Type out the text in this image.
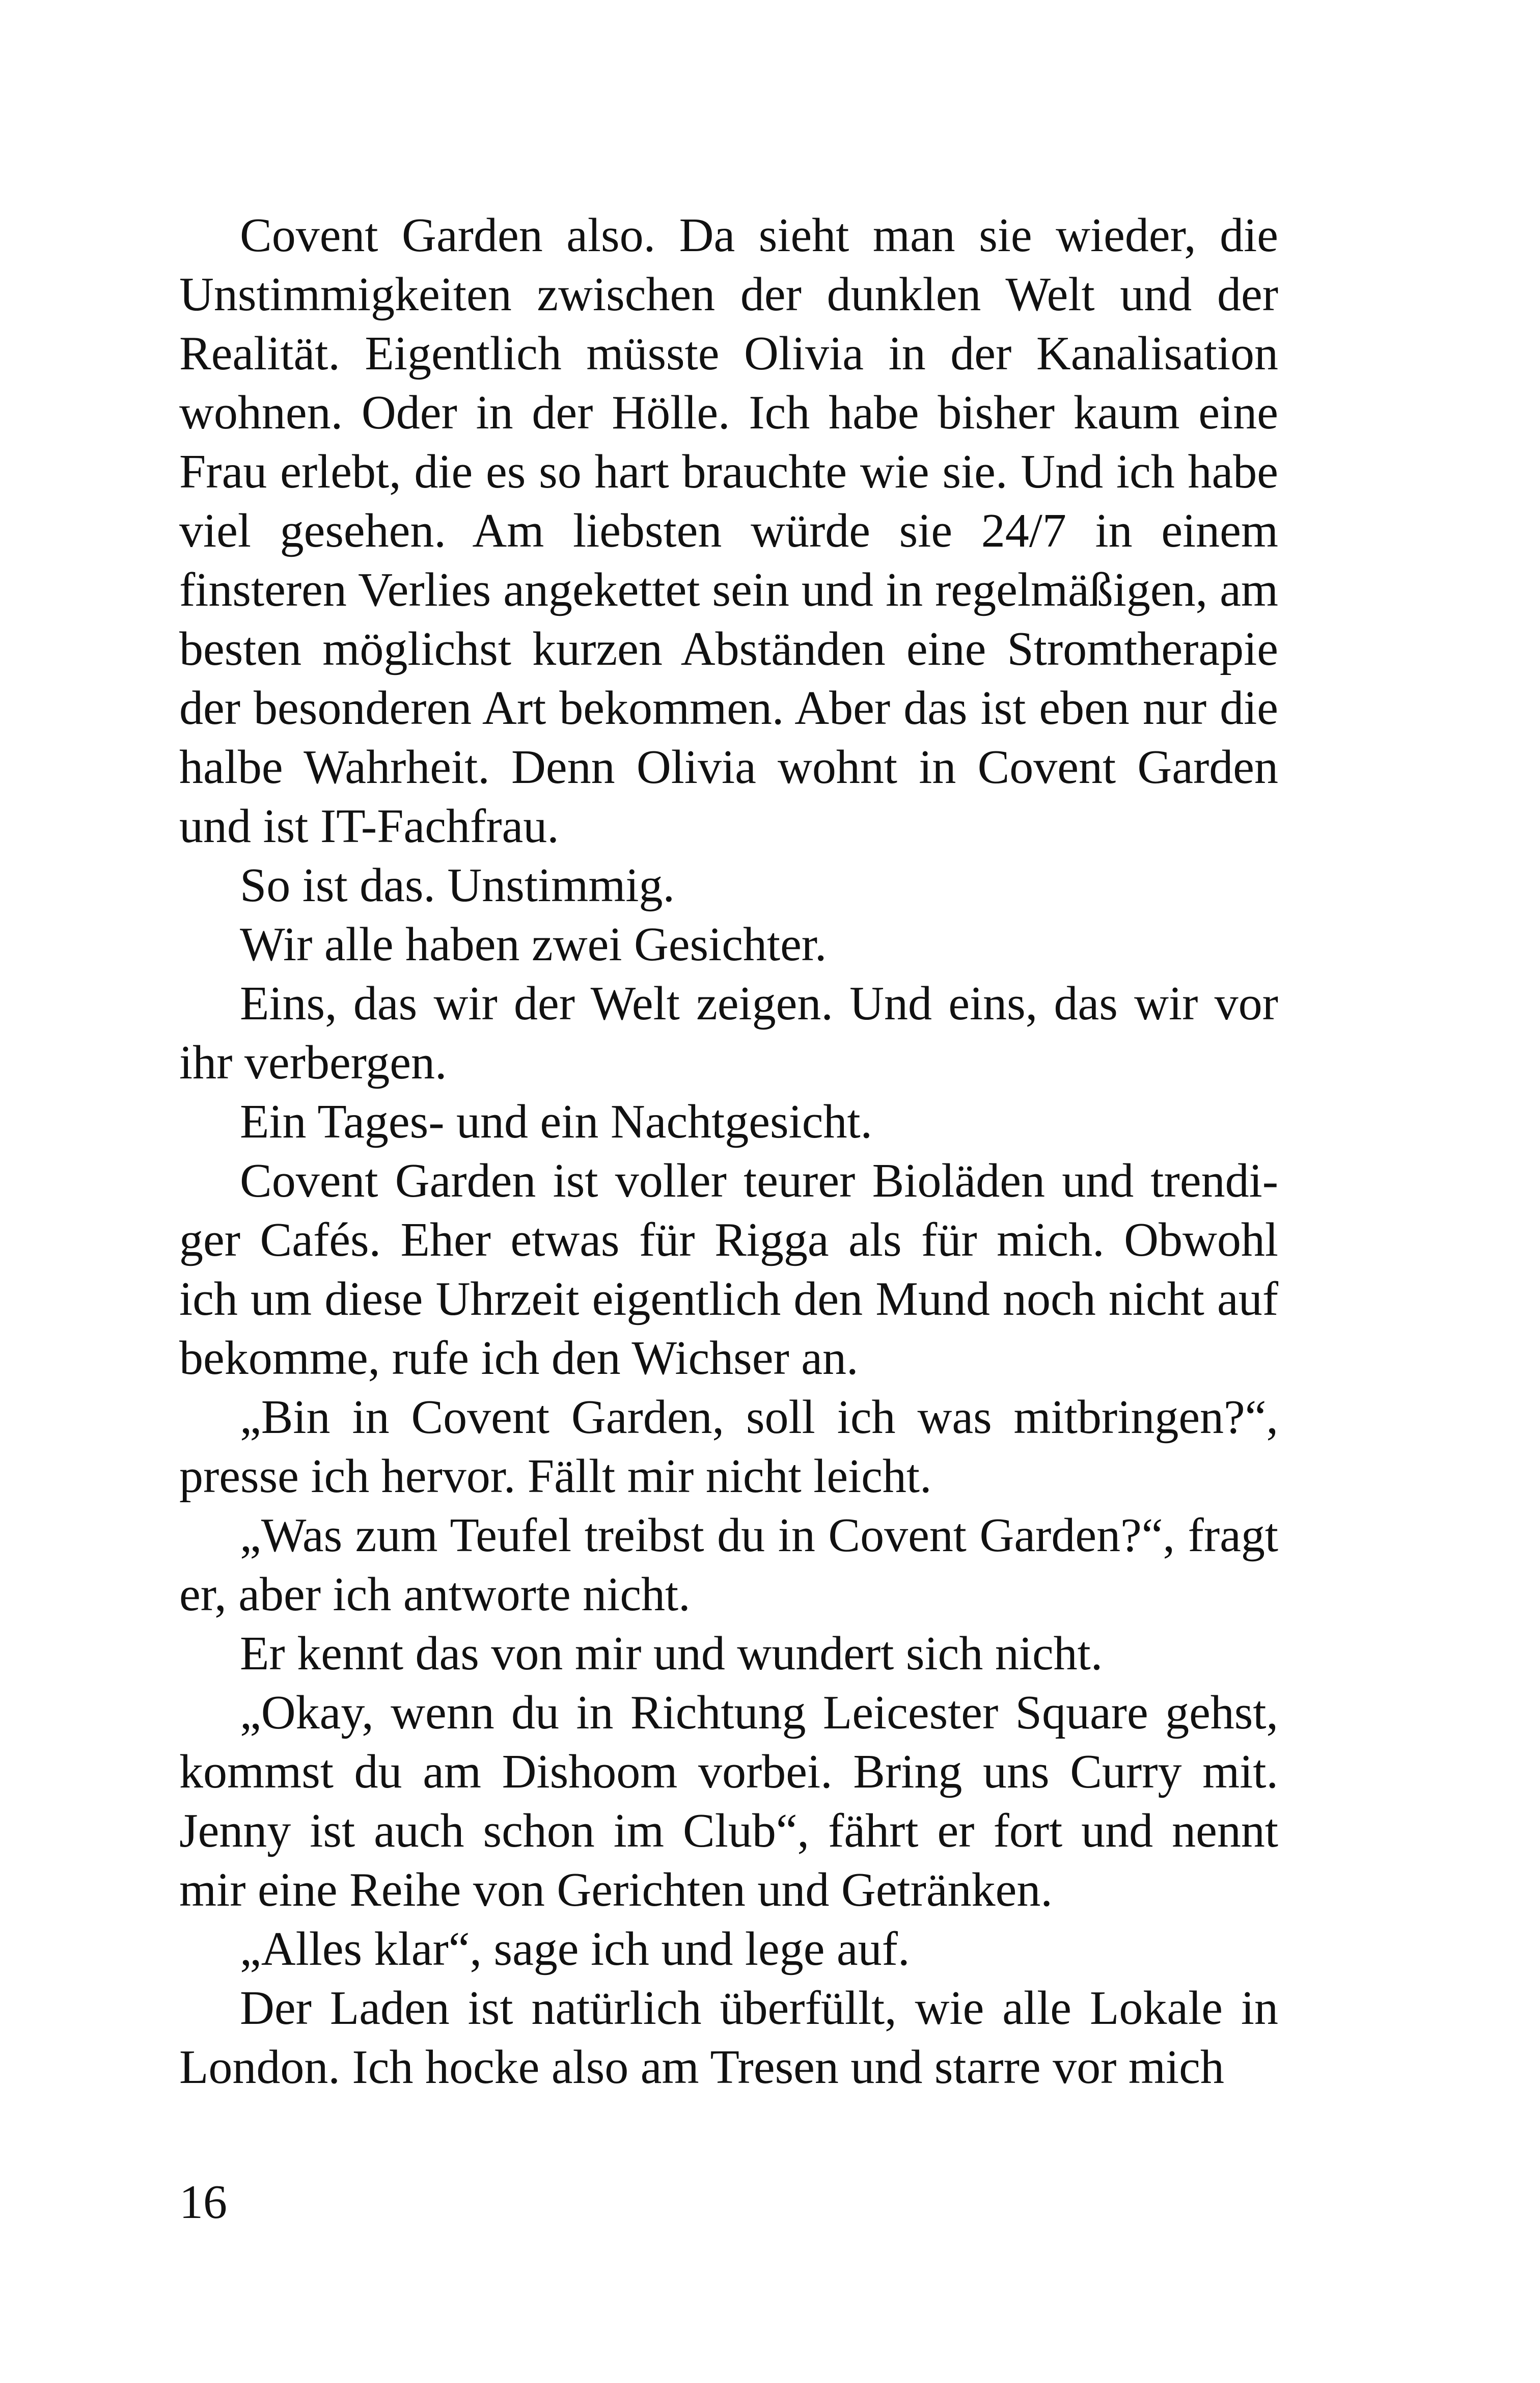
Covent Garden also. Da sieht man sie wieder, die Unstimmigkeiten zwischen der dunklen Welt und der Realität. Eigentlich müsste Olivia in der Kanalisation wohnen. Oder in der Hölle. Ich habe bisher kaum eine Frau erlebt, die es so hart brauchte wie sie. Und ich habe viel gesehen. Am liebsten würde sie 24/7 in einem finsteren Verlies angekettet sein und in regelmäßigen, am besten möglichst kurzen Abständen eine Stromtherapie der besonderen Art bekommen. Aber das ist eben nur die halbe Wahrheit. Denn Olivia wohnt in Covent Garden und ist IT-Fachfrau.

So ist das. Unstimmig.

Wir alle haben zwei Gesichter.

Eins, das wir der Welt zeigen. Und eins, das wir vor ihr verbergen.

Ein Tages- und ein Nachtgesicht.

Covent Garden ist voller teurer Bioläden und trendiger Cafés. Eher etwas für Rigga als für mich. Obwohl ich um diese Uhrzeit eigentlich den Mund noch nicht auf bekomme, rufe ich den Wichser an.

„Bin in Covent Garden, soll ich was mitbringen?“, presse ich hervor. Fällt mir nicht leicht.

„Was zum Teufel treibst du in Covent Garden?“, fragt er, aber ich antworte nicht.

Er kennt das von mir und wundert sich nicht.

„Okay, wenn du in Richtung Leicester Square gehst, kommst du am Dishoom vorbei. Bring uns Curry mit. Jenny ist auch schon im Club“, fährt er fort und nennt mir eine Reihe von Gerichten und Getränken.

„Alles klar“, sage ich und lege auf.

Der Laden ist natürlich überfüllt, wie alle Lokale in London. Ich hocke also am Tresen und starre vor mich

16
